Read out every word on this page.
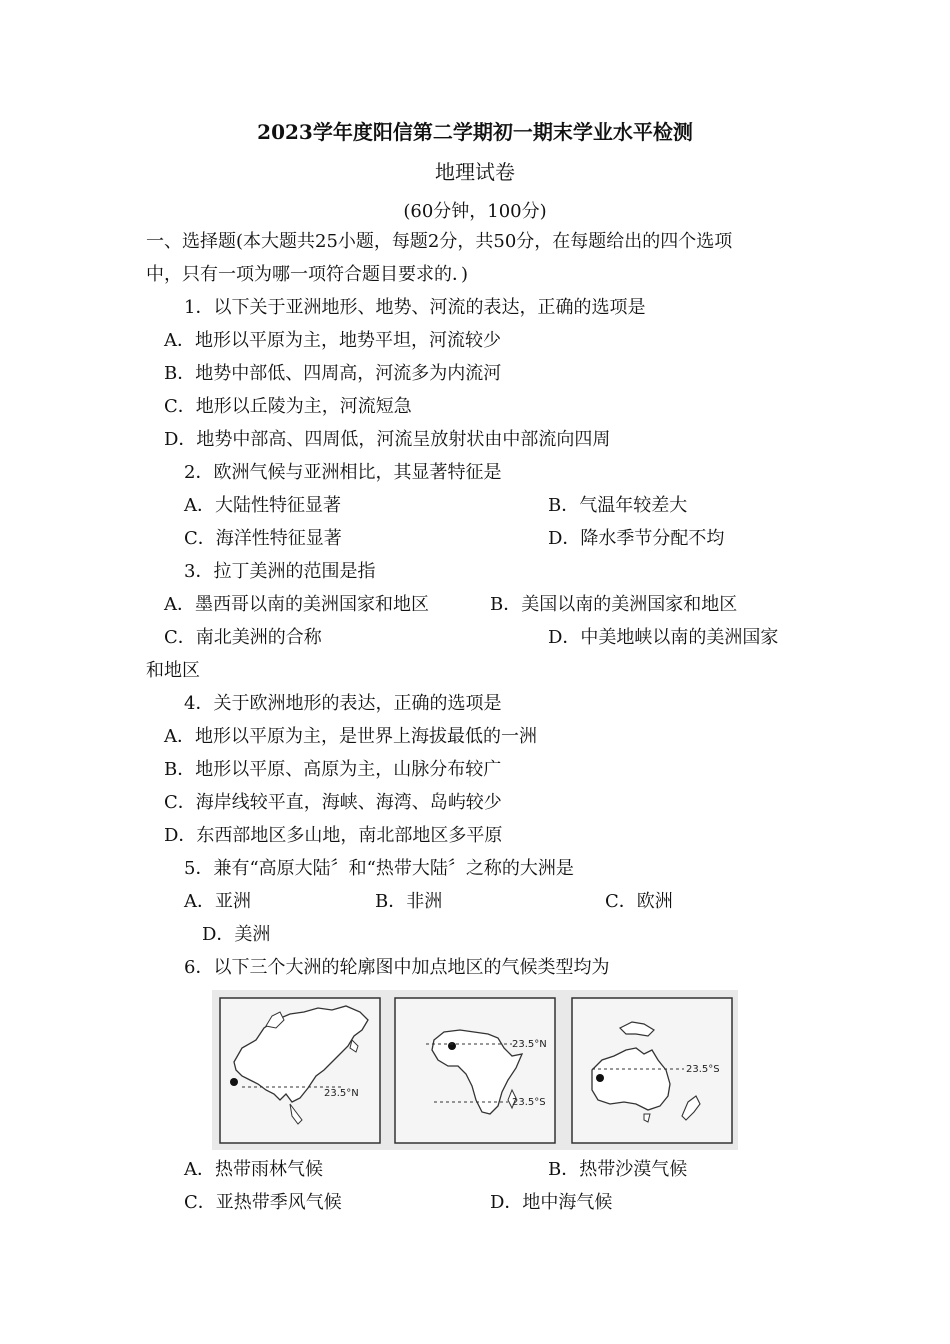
2023学年度阳信第二学期初一期末学业水平检测
地理试卷
(60分钟，100分)
一、选择题(本大题共25小题，每题2分，共50分，在每题给出的四个选项
中，只有一项为哪一项符合题目要求的．)
1．以下关于亚洲地形、地势、河流的表达，正确的选项是
A．地形以平原为主，地势平坦，河流较少
B．地势中部低、四周高，河流多为内流河
C．地形以丘陵为主，河流短急
D．地势中部高、四周低，河流呈放射状由中部流向四周
2．欧洲气候与亚洲相比，其显著特征是
A．大陆性特征显著	B．气温年较差大
C．海洋性特征显著	D．降水季节分配不均
3．拉丁美洲的范围是指
A．墨西哥以南的美洲国家和地区	B．美国以南的美洲国家和地区
C．南北美洲的合称	D．中美地峡以南的美洲国家
和地区
4．关于欧洲地形的表达，正确的选项是
A．地形以平原为主，是世界上海拔最低的一洲
B．地形以平原、高原为主，山脉分布较广
C．海岸线较平直，海峡、海湾、岛屿较少
D．东西部地区多山地，南北部地区多平原
5．兼有“高原大陆〞和“热带大陆〞之称的大洲是
A．亚洲	B．非洲	C．欧洲
D．美洲
6．以下三个大洲的轮廓图中加点地区的气候类型均为
23.5°N
23.5°N
23.5°S
23.5°S
A．热带雨林气候	B．热带沙漠气候
C．亚热带季风气候	D．地中海气候
